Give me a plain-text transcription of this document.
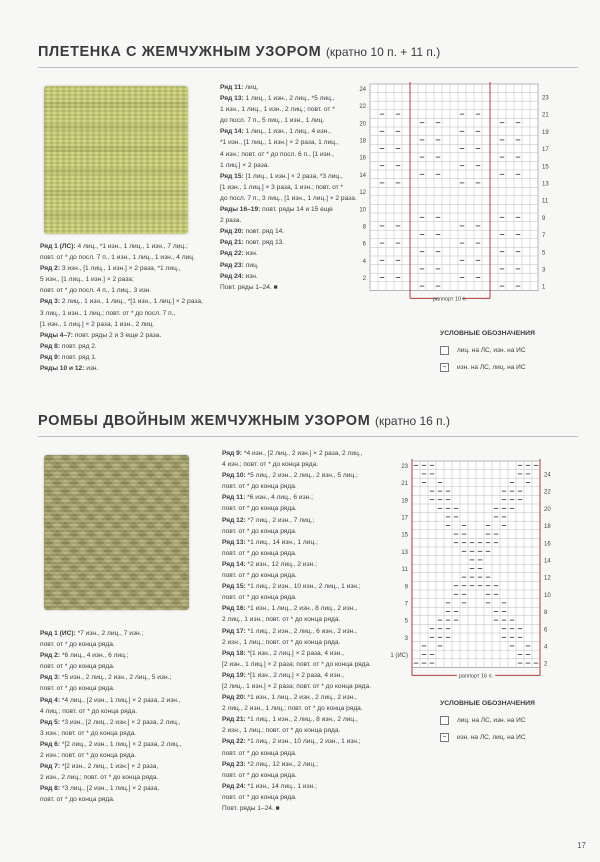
ПЛЕТЕНКА С ЖЕМЧУЖНЫМ УЗОРОМ (кратно 10 п. + 11 п.)
Ряд 1 (ЛС): 4 лиц., *1 изн., 1 лиц., 1 изн., 7 лиц.;
повт. от * до посл. 7 п., 1 изн., 1 лиц., 1 изн., 4 лиц.
Ряд 2: 3 изн., [1 лиц., 1 изн.] × 2 раза, *1 лиц.,
5 изн., [1 лиц., 1 изн.] × 2 раза;
повт. от * до посл. 4 п., 1 лиц., 3 изн.
Ряд 3: 2 лиц., 1 изн., 1 лиц., *[1 изн., 1 лиц.] × 2 раза,
3 лиц., 1 изн., 1 лиц.; повт. от * до посл. 7 п.,
[1 изн., 1 лиц.] × 2 раза, 1 изн., 2 лиц.
Ряды 4–7: повт. ряды 2 и 3 еще 2 раза.
Ряд 8: повт. ряд 2.
Ряд 9: повт. ряд 1.
Ряды 10 и 12: изн.
Ряд 11: лиц.
Ряд 13: 1 лиц., 1 изн., 2 лиц., *5 лиц.,
1 изн., 1 лиц., 1 изн., 2 лиц.; повт. от *
до посл. 7 п., 5 лиц., 1 изн., 1 лиц.
Ряд 14: 1 лиц., 1 изн., 1 лиц., 4 изн.,
*1 изн., [1 лиц., 1 изн.] × 2 раза, 1 лиц.,
4 изн.; повт. от * до посл. 6 п., [1 изн.,
1 лиц.] × 2 раза.
Ряд 15: [1 лиц., 1 изн.] × 2 раза, *3 лиц.,
[1 изн., 1 лиц.] × 3 раза, 1 изн.; повт. от *
до посл. 7 п., 3 лиц., [1 изн., 1 лиц.] × 2 раза.
Ряды 16–19: повт. ряды 14 и 15 еще
2 раза.
Ряд 20: повт. ряд 14.
Ряд 21: повт. ряд 13.
Ряд 22: изн.
Ряд 23: лиц.
Ряд 24: изн.
Повт. ряды 1–24. ■
24
22
20
18
16
14
12
10
8
6
4
2
23
21
19
17
15
13
11
9
7
5
3
1
раппорт 10 п.
УСЛОВНЫЕ ОБОЗНАЧЕНИЯ
лиц. на ЛС, изн. на ИС
–	изн. на ЛС, лиц. на ИС
РОМБЫ ДВОЙНЫМ ЖЕМЧУЖНЫМ УЗОРОМ (кратно 16 п.)
Ряд 1 (ИС): *7 изн., 2 лиц., 7 изн.;
повт. от * до конца ряда.
Ряд 2: *6 лиц., 4 изн., 6 лиц.;
повт. от * до конца ряда.
Ряд 3: *5 изн., 2 лиц., 2 изн., 2 лиц., 5 изн.;
повт. от * до конца ряда.
Ряд 4: *4 лиц., [2 изн., 1 лиц.] × 2 раза, 2 изн.,
4 лиц.; повт. от * до конца ряда.
Ряд 5: *3 изн., [2 лиц., 2 изн.] × 2 раза, 2 лиц.,
3 изн.; повт. от * до конца ряда.
Ряд 6: *[2 лиц., 2 изн., 1 лиц.] × 2 раза, 2 лиц.,
2 изн.; повт. от * до конца ряда.
Ряд 7: *[2 изн., 2 лиц., 1 изн.] × 2 раза,
2 изн., 2 лиц.; повт. от * до конца ряда.
Ряд 8: *3 лиц., [2 изн., 1 лиц.] × 2 раза,
повт. от * до конца ряда.
Ряд 9: *4 изн., [2 лиц., 2 изн.] × 2 раза, 2 лиц.,
4 изн.; повт. от * до конца ряда.
Ряд 10: *5 лиц., 2 изн., 2 лиц., 2 изн., 5 лиц.;
повт. от * до конца ряда.
Ряд 11: *6 изн., 4 лиц., 6 изн.;
повт. от * до конца ряда.
Ряд 12: *7 лиц., 2 изн., 7 лиц.;
повт. от * до конца ряда.
Ряд 13: *1 лиц., 14 изн., 1 лиц.;
повт. от * до конца ряда.
Ряд 14: *2 изн., 12 лиц., 2 изн.;
повт. от * до конца ряда.
Ряд 15: *1 лиц., 2 изн., 10 изн., 2 лиц., 1 изн.;
повт. от * до конца ряда.
Ряд 16: *1 изн., 1 лиц., 2 изн., 8 лиц., 2 изн.,
2 лиц., 1 изн.; повт. от * до конца ряда.
Ряд 17: *1 лиц., 2 изн., 2 лиц., 6 изн., 2 изн.,
2 изн., 1 лиц.; повт. от * до конца ряда.
Ряд 18: *[1 изн., 2 лиц.] × 2 раза, 4 изн.,
[2 изн., 1 лиц.] × 2 раза; повт. от * до конца ряда.
Ряд 19: *[1 изн., 2 лиц.] × 2 раза, 4 изн.,
[2 лиц., 1 изн.] × 2 раза; повт. от * до конца ряда.
Ряд 20: *1 изн., 1 лиц., 2 изн., 2 лиц., 2 изн.,
2 лиц., 2 изн., 1 лиц.; повт. от * до конца ряда.
Ряд 21: *1 лиц., 1 изн., 2 лиц., 8 изн., 2 лиц.,
2 изн., 1 лиц.; повт. от * до конца ряда.
Ряд 22: *1 лиц., 2 изн., 10 лиц., 2 изн., 1 изн.;
повт. от * до конца ряда.
Ряд 23: *2 лиц., 12 изн., 2 лиц.;
повт. от * до конца ряда.
Ряд 24: *1 изн., 14 лиц., 1 изн.;
повт. от * до конца ряда.
Повт. ряды 1–24. ■
23
21
19
17
15
13
11
9
7
5
3
1 (ИС)
24
22
20
18
16
14
12
10
8
6
4
2
раппорт 16 п.
УСЛОВНЫЕ ОБОЗНАЧЕНИЯ
лиц. на ЛС, изн. на ИС
–	изн. на ЛС, лиц. на ИС
17
